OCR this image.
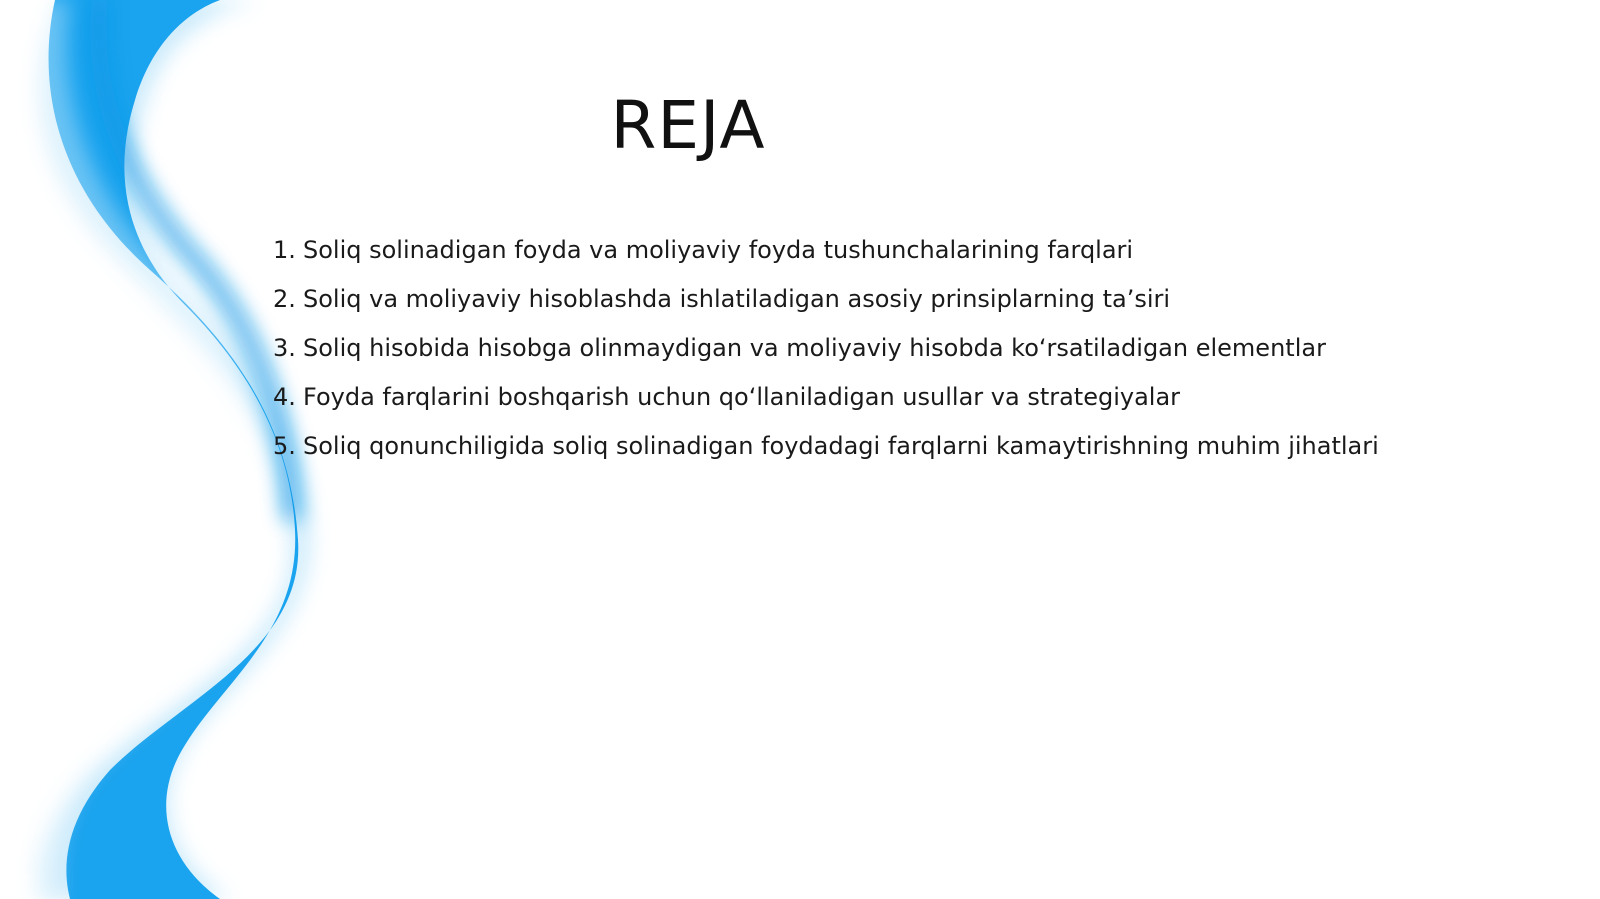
REJA
1. Soliq solinadigan foyda va moliyaviy foyda tushunchalarining farqlari
2. Soliq va moliyaviy hisoblashda ishlatiladigan asosiy prinsiplarning ta’siri
3. Soliq hisobida hisobga olinmaydigan va moliyaviy hisobda ko‘rsatiladigan elementlar
4. Foyda farqlarini boshqarish uchun qo‘llaniladigan usullar va strategiyalar
5. Soliq qonunchiligida soliq solinadigan foydadagi farqlarni kamaytirishning muhim jihatlari
